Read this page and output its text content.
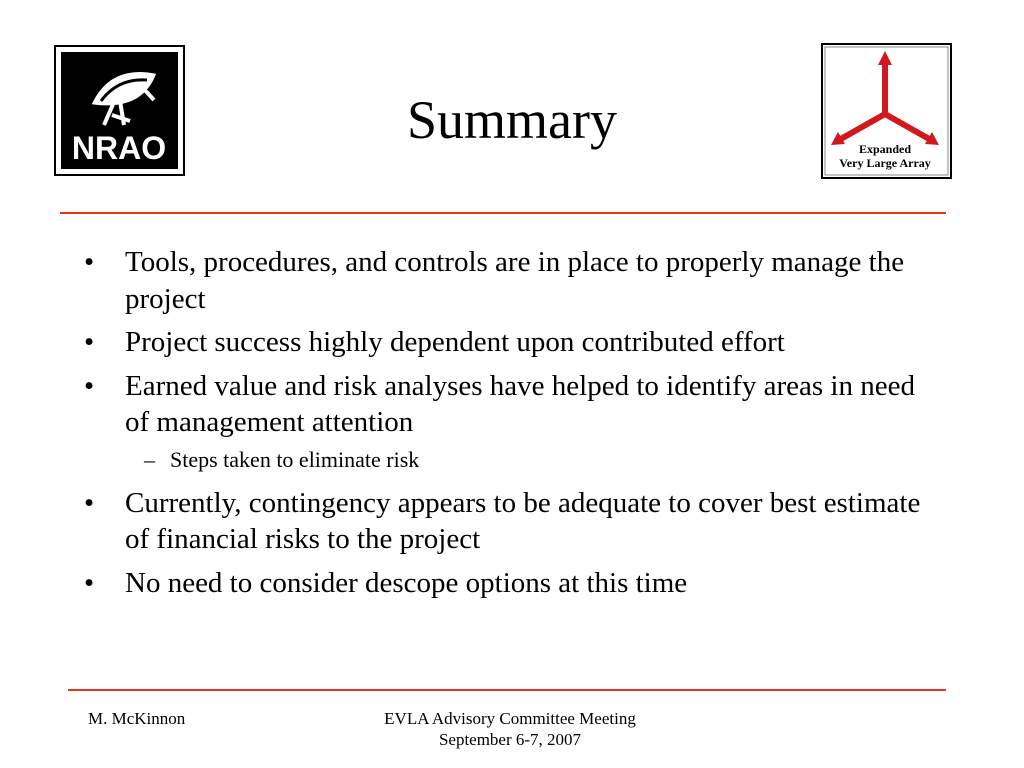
NRAO	Expanded
Very Large Array
Summary
• Tools, procedures, and controls are in place to properly manage the project
• Project success highly dependent upon contributed effort
• Earned value and risk analyses have helped to identify areas in need of management attention
– Steps taken to eliminate risk
• Currently, contingency appears to be adequate to cover best estimate of financial risks to the project
• No need to consider descope options at this time
M. McKinnon	EVLA Advisory Committee Meeting
September 6-7, 2007
